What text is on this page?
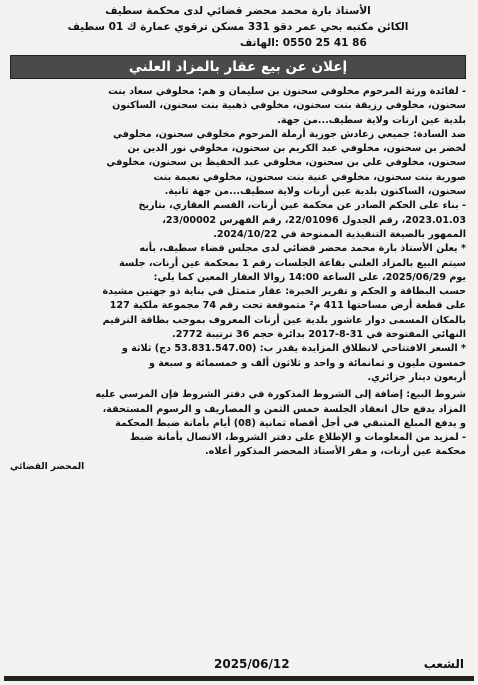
الأستاذ بارة محمد محضر قضائي لدى محكمة سطيف
الكائن مكتبه بحي عمر دقو 331 مسكن ترقوي عمارة ك 01 سطيف
الهاتف: 0550 25 41 86
إعلان عن بيع عقار بالمزاد العلني

- لفائدة ورثة المرحوم مخلوفي سحنون بن سليمان و هم: محلوفي سعاد بنت

سحنون، مخلوفي رزيقة بنت سحنون، مخلوفي ذهبية بنت سحنون، الساكنون

بلدية عين ارنات ولاية سطيف...من جهة.

ضد السادة: جميعي زعادش جوزية أرملة المرحوم مخلوفي سحنون، محلوفي

لخضر بن سحنون، مخلوفي عبد الكريم بن سحنون، مخلوفي نور الدين بن

سحنون، مخلوفي علي بن سحنون، مخلوفي عبد الحفيظ بن سحنون، مخلوفي

صورية بنت سحنون، مخلوفي غنية بنت سحنون، مخلوفي نعيمة بنت

سحنون، الساكنون بلدية عين أرنات ولاية سطيف...من جهة ثانية.

- بناء على الحكم الصادر عن محكمة عين أرنات، القسم العقاري، بتاريخ

2023.01.03، رقم الجدول 22/01096، رقم الفهرس 23/00002،

الممهور بالصيغة التنفيذية الممنوحة في 2024/10/22.

* يعلن الأستاذ بارة محمد محضر قضائي لدى مجلس قضاء سطيف، بأنه

سيتم البيع بالمزاد العلني بقاعة الجلسات رقم 1 بمحكمة عين أرنات، جلسة

يوم 2025/06/29، على الساعة 14:00 زوالا العقار المعين كما يلي:

حسب البطاقة و الحكم و تقرير الخبرة: عقار متمثل في بناية ذو جهتين مشيدة

على قطعة أرض مساحتها 411 م² متموقعة تحت رقم 74 مجموعة ملكية 127

بالمكان المسمى دوار عاشور بلدية عين أرنات المعروف بموجب بطاقة الترقيم

النهائي المفتوحة في 31-8-2017 بدائرة حجم 36 ترتيبة 2772.

* السعر الافتتاحي لانطلاق المزايدة يقدر ب: (53.831.547.00 دج) ثلاثة و

خمسون مليون و ثمانمائة و واحد و ثلاثون ألف و خمسمائة و سبعة و

أربعون دينار جزائري.

شروط البيع: إضافة إلى الشروط المذكورة في دفتر الشروط فإن المرسي عليه

المزاد يدفع حال انعقاد الجلسة خمس الثمن و المصاريف و الرسوم المستحقة،

و يدفع المبلغ المتبقي في أجل أقصاه ثمانية (08) أيام بأمانة ضبط المحكمة

- لمزيد من المعلومات و الإطلاع على دفتر الشروط، الاتصال بأمانة ضبط

محكمة عين أرنات، و مقر الأستاذ المحضر المذكور أعلاه.

المحضر القضائي

الشعب
2025/06/12
